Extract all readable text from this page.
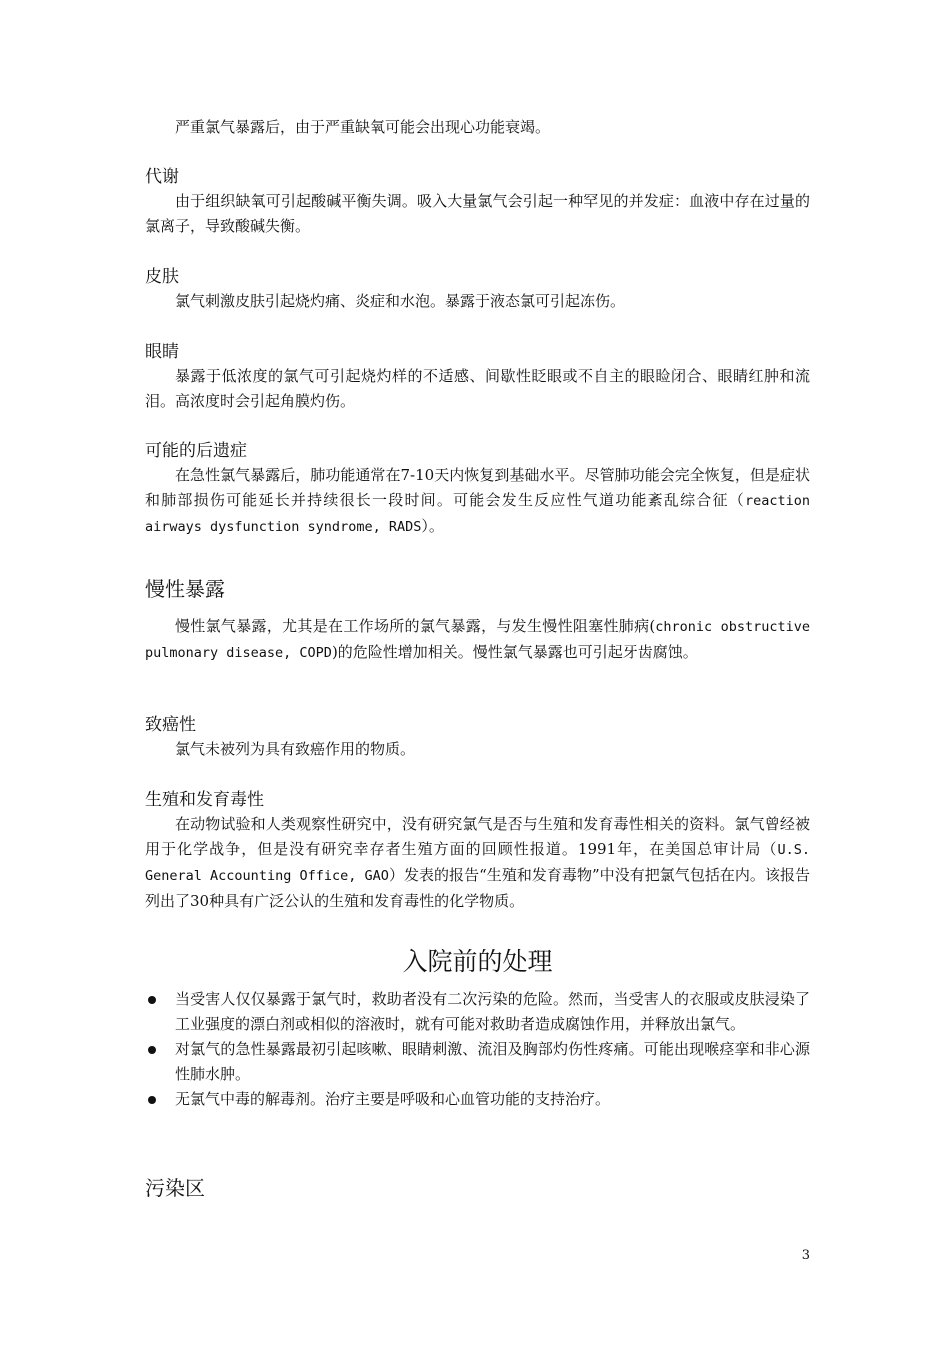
严重氯气暴露后，由于严重缺氧可能会出现心功能衰竭。

代谢

由于组织缺氧可引起酸碱平衡失调。吸入大量氯气会引起一种罕见的并发症：血液中存在过量的氯离子，导致酸碱失衡。

皮肤

氯气刺激皮肤引起烧灼痛、炎症和水泡。暴露于液态氯可引起冻伤。

眼睛

暴露于低浓度的氯气可引起烧灼样的不适感、间歇性眨眼或不自主的眼睑闭合、眼睛红肿和流泪。高浓度时会引起角膜灼伤。

可能的后遗症

在急性氯气暴露后，肺功能通常在7-10天内恢复到基础水平。尽管肺功能会完全恢复，但是症状和肺部损伤可能延长并持续很长一段时间。可能会发生反应性气道功能紊乱综合征（reaction airways dysfunction syndrome, RADS）。

慢性暴露

慢性氯气暴露，尤其是在工作场所的氯气暴露，与发生慢性阻塞性肺病(chronic obstructive pulmonary disease, COPD)的危险性增加相关。慢性氯气暴露也可引起牙齿腐蚀。

致癌性

氯气未被列为具有致癌作用的物质。

生殖和发育毒性

在动物试验和人类观察性研究中，没有研究氯气是否与生殖和发育毒性相关的资料。氯气曾经被用于化学战争，但是没有研究幸存者生殖方面的回顾性报道。1991年，在美国总审计局（U.S. General Accounting Office, GAO）发表的报告“生殖和发育毒物”中没有把氯气包括在内。该报告列出了30种具有广泛公认的生殖和发育毒性的化学物质。

入院前的处理
当受害人仅仅暴露于氯气时，救助者没有二次污染的危险。然而，当受害人的衣服或皮肤浸染了工业强度的漂白剂或相似的溶液时，就有可能对救助者造成腐蚀作用，并释放出氯气。
对氯气的急性暴露最初引起咳嗽、眼睛刺激、流泪及胸部灼伤性疼痛。可能出现喉痉挛和非心源性肺水肿。
无氯气中毒的解毒剂。治疗主要是呼吸和心血管功能的支持治疗。
污染区
3
